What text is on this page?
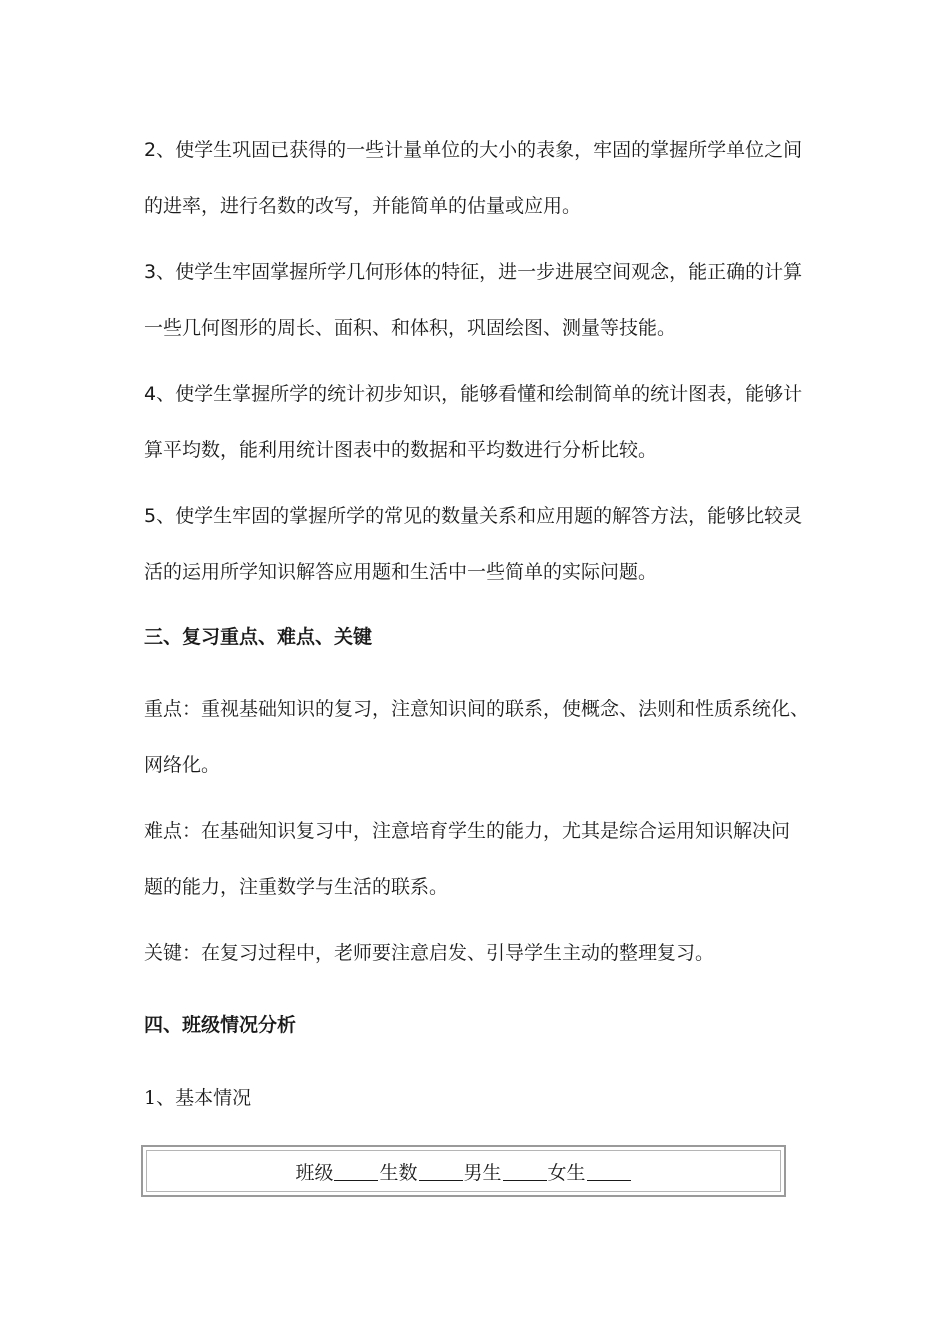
2、使学生巩固已获得的一些计量单位的大小的表象，牢固的掌握所学单位之间
的进率，进行名数的改写，并能简单的估量或应用。

3、使学生牢固掌握所学几何形体的特征，进一步进展空间观念，能正确的计算
一些几何图形的周长、面积、和体积，巩固绘图、测量等技能。

4、使学生掌握所学的统计初步知识，能够看懂和绘制简单的统计图表，能够计
算平均数，能利用统计图表中的数据和平均数进行分析比较。

5、使学生牢固的掌握所学的常见的数量关系和应用题的解答方法，能够比较灵
活的运用所学知识解答应用题和生活中一些简单的实际问题。

三、复习重点、难点、关键

重点：重视基础知识的复习，注意知识间的联系，使概念、法则和性质系统化、
网络化。

难点：在基础知识复习中，注意培育学生的能力，尤其是综合运用知识解决问
题的能力，注重数学与生活的联系。

关键：在复习过程中，老师要注意启发、引导学生主动的整理复习。

四、班级情况分析

1、基本情况

班级 生数 男生 女生
